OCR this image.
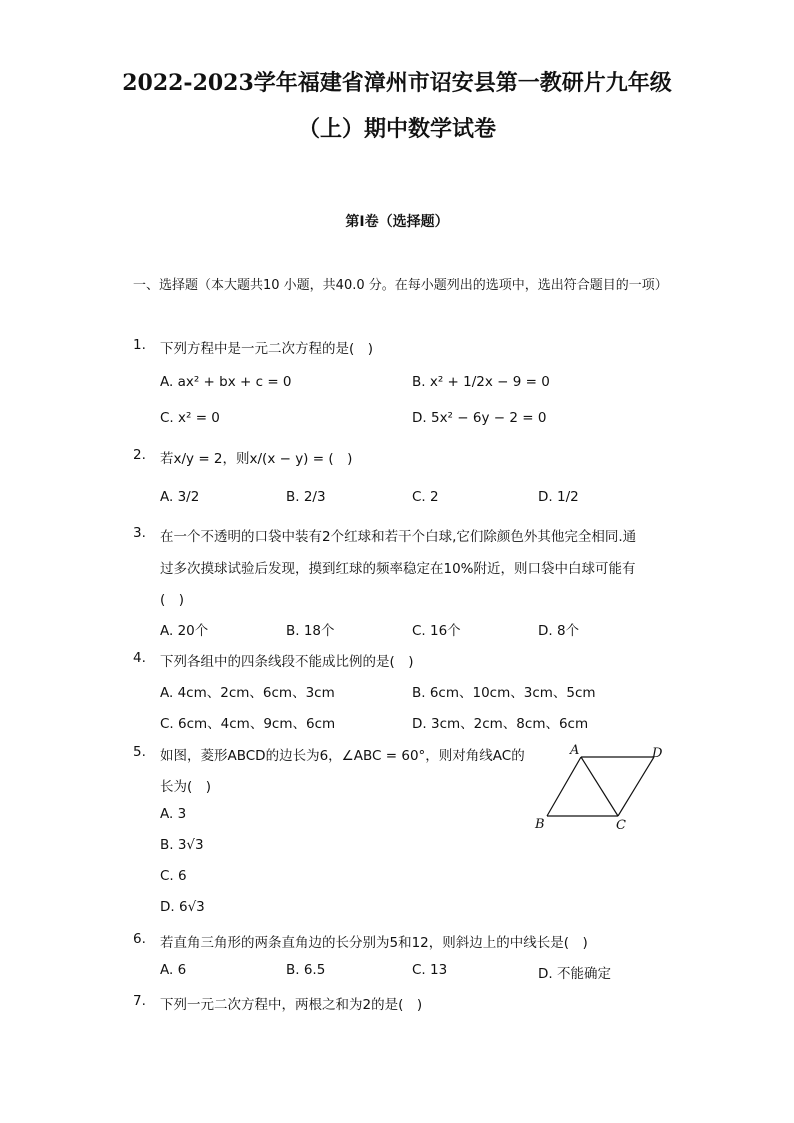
2022-2023学年福建省漳州市诏安县第一教研片九年级
（上）期中数学试卷
第I卷（选择题）
一、选择题（本大题共10 小题，共40.0 分。在每小题列出的选项中，选出符合题目的一项）
1. 下列方程中是一元二次方程的是(　)
A. ax² + bx + c = 0	B. x² + 1/2x − 9 = 0
C. x² = 0	D. 5x² − 6y − 2 = 0
2. 若x/y = 2，则x/(x − y) = (　)
A. 3/2	B. 2/3	C. 2	D. 1/2
3. 在一个不透明的口袋中装有2个红球和若干个白球,它们除颜色外其他完全相同.通
过多次摸球试验后发现，摸到红球的频率稳定在10%附近，则口袋中白球可能有
(　)
A. 20个	B. 18个	C. 16个	D. 8个
4. 下列各组中的四条线段不能成比例的是(　)
A. 4cm、2cm、6cm、3cm	B. 6cm、10cm、3cm、5cm
C. 6cm、4cm、9cm、6cm	D. 3cm、2cm、8cm、6cm
5. 如图，菱形ABCD的边长为6，∠ABC = 60°，则对角线AC的
长为(　)
A. 3
B. 3√3
C. 6
D. 6√3
A	D
B	C
6. 若直角三角形的两条直角边的长分别为5和12，则斜边上的中线长是(　)
A. 6	B. 6.5	C. 13	D. 不能确定
7. 下列一元二次方程中，两根之和为2的是(　)
